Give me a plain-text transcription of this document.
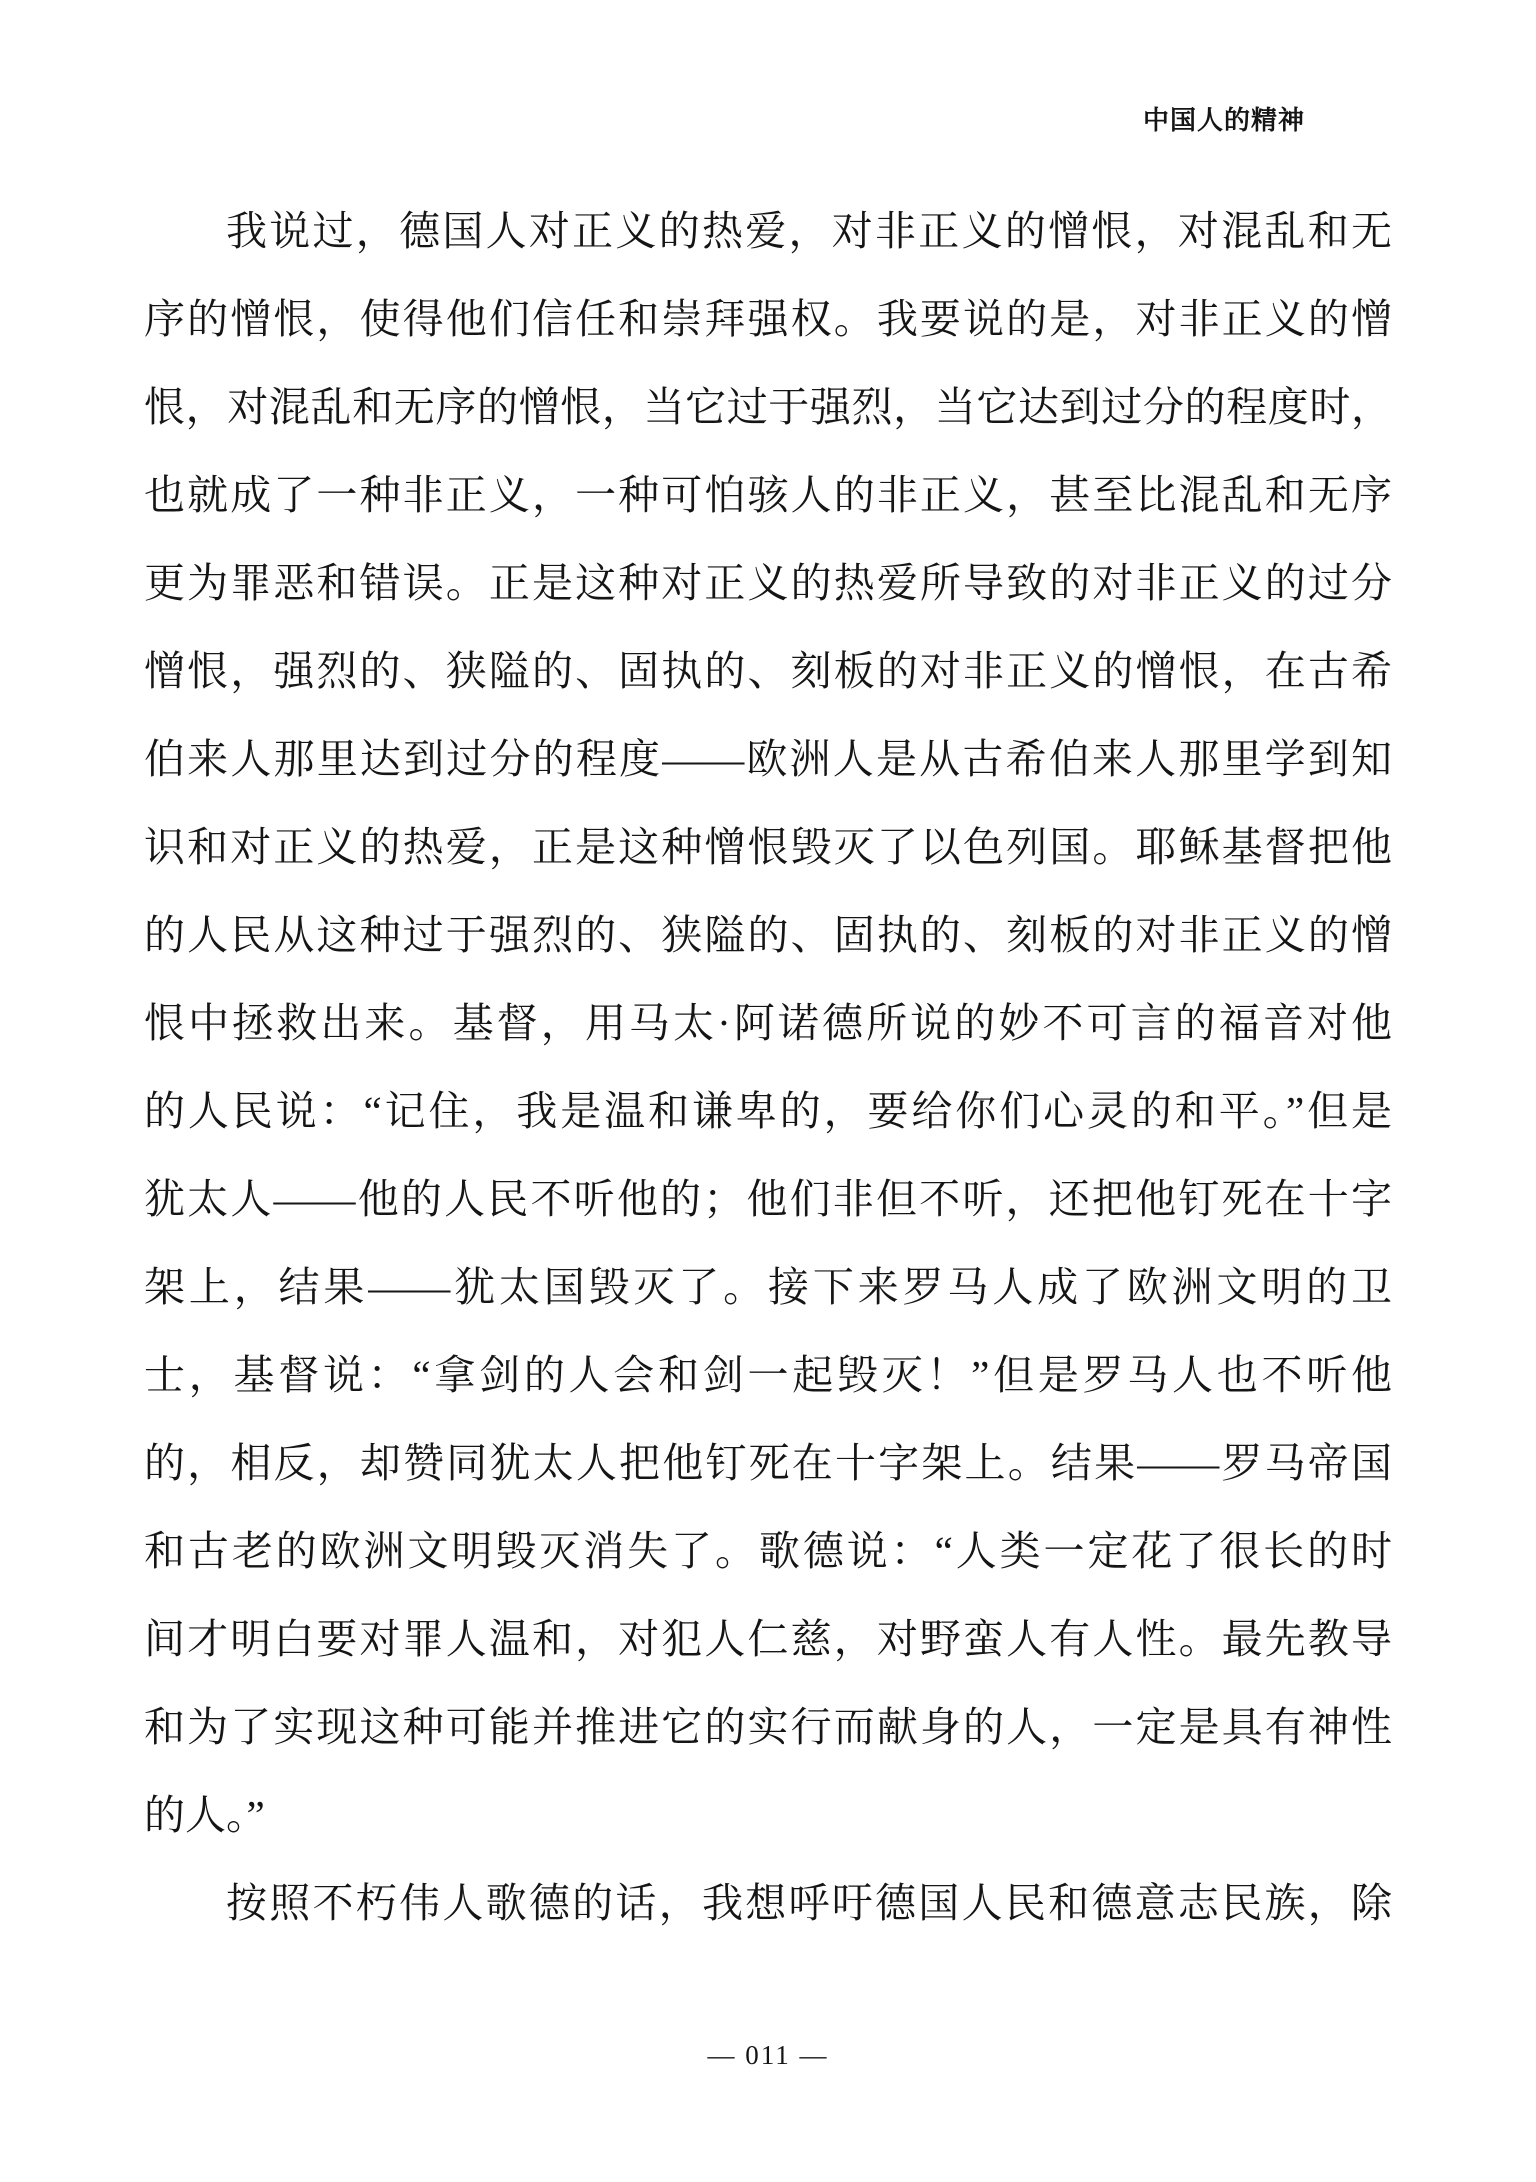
中国人的精神
我说过，德国人对正义的热爱，对非正义的憎恨，对混乱和无
序的憎恨，使得他们信任和崇拜强权。我要说的是，对非正义的憎
恨，对混乱和无序的憎恨，当它过于强烈，当它达到过分的程度时，
也就成了一种非正义，一种可怕骇人的非正义，甚至比混乱和无序
更为罪恶和错误。正是这种对正义的热爱所导致的对非正义的过分
憎恨，强烈的、狭隘的、固执的、刻板的对非正义的憎恨，在古希
伯来人那里达到过分的程度——欧洲人是从古希伯来人那里学到知
识和对正义的热爱，正是这种憎恨毁灭了以色列国。耶稣基督把他
的人民从这种过于强烈的、狭隘的、固执的、刻板的对非正义的憎
恨中拯救出来。基督，用马太·阿诺德所说的妙不可言的福音对他
的人民说：“记住，我是温和谦卑的，要给你们心灵的和平。”但是
犹太人——他的人民不听他的；他们非但不听，还把他钉死在十字
架上，结果——犹太国毁灭了。接下来罗马人成了欧洲文明的卫
士，基督说：“拿剑的人会和剑一起毁灭！”但是罗马人也不听他
的，相反，却赞同犹太人把他钉死在十字架上。结果——罗马帝国
和古老的欧洲文明毁灭消失了。歌德说：“人类一定花了很长的时
间才明白要对罪人温和，对犯人仁慈，对野蛮人有人性。最先教导
和为了实现这种可能并推进它的实行而献身的人，一定是具有神性
的人。”
按照不朽伟人歌德的话，我想呼吁德国人民和德意志民族，除
— 011 —
